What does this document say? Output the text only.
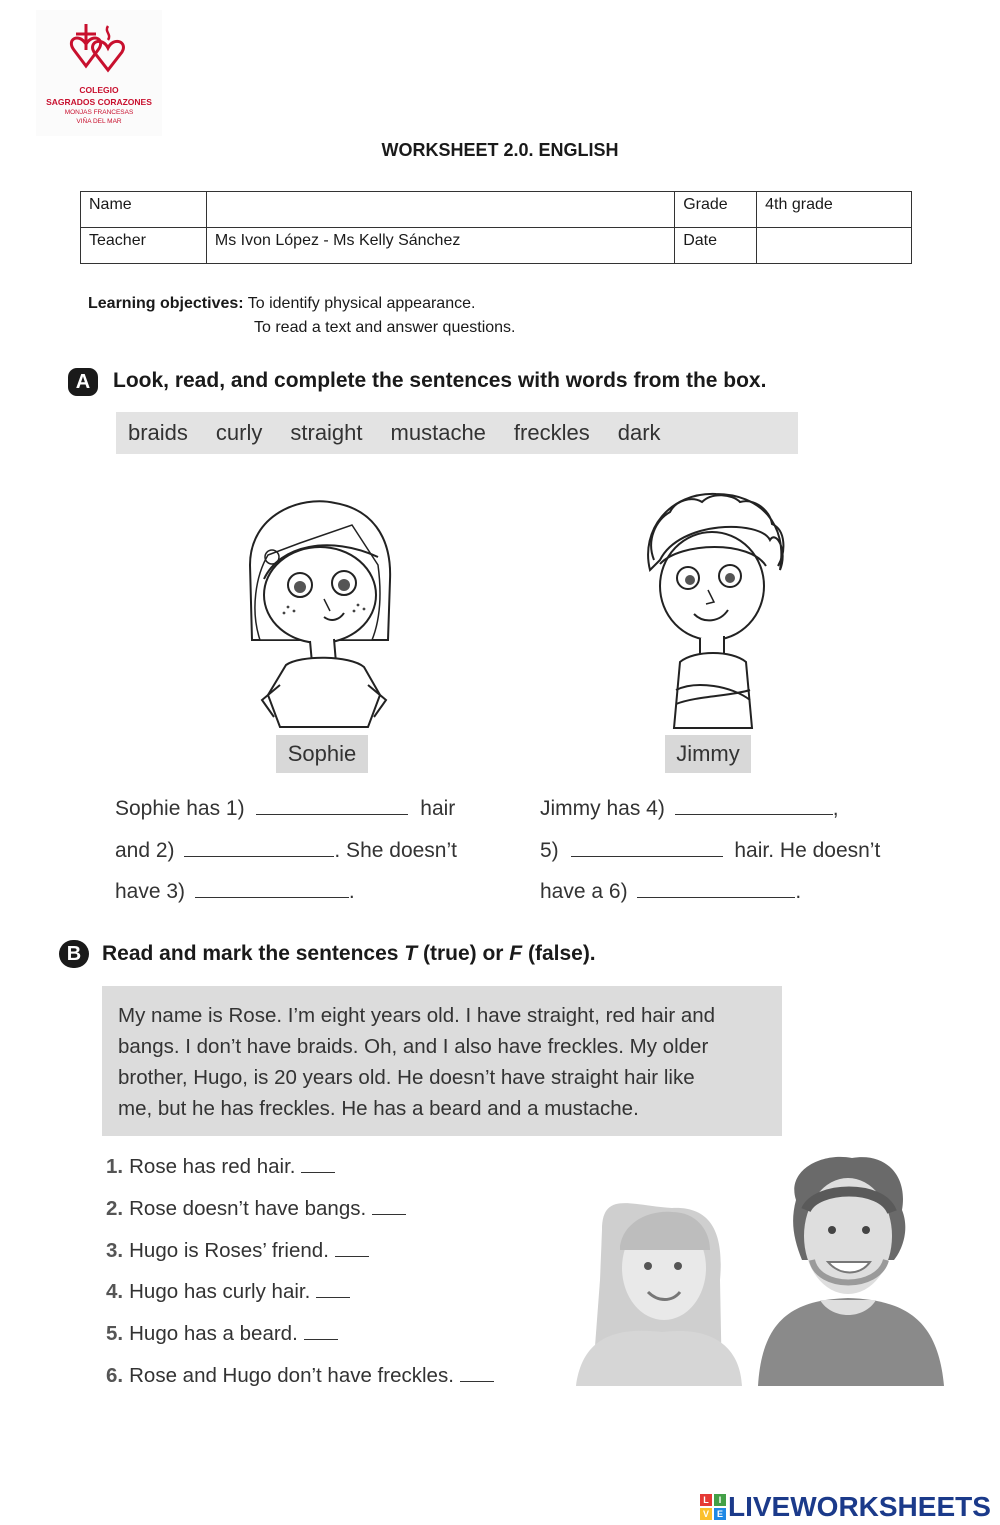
COLEGIO
SAGRADOS CORAZONES
MONJAS FRANCESAS
VIÑA DEL MAR
WORKSHEET 2.0. ENGLISH
Name		Grade	4th grade
Teacher	Ms Ivon López - Ms Kelly Sánchez	Date	
Learning objectives: To identify physical appearance.
To read a text and answer questions.
A	Look, read, and complete the sentences with words from the box.
braids curly straight mustache freckles dark
Sophie	Jimmy
Sophie has 1)	hair
and 2)	. She doesn’t
have 3)	.
Jimmy has 4)	,
5)	hair. He doesn’t
have a 6)	.
B Read and mark the sentences T (true) or F (false).
My name is Rose. I’m eight years old. I have straight, red hair and
bangs. I don’t have braids. Oh, and I also have freckles. My older
brother, Hugo, is 20 years old. He doesn’t have straight hair like
me, but he has freckles. He has a beard and a mustache.
1. Rose has red hair.
2. Rose doesn’t have bangs.
3. Hugo is Roses’ friend.
4. Hugo has curly hair.
5. Hugo has a beard.
6. Rose and Hugo don’t have freckles.
L	I
V E LIVEWORKSHEETS
